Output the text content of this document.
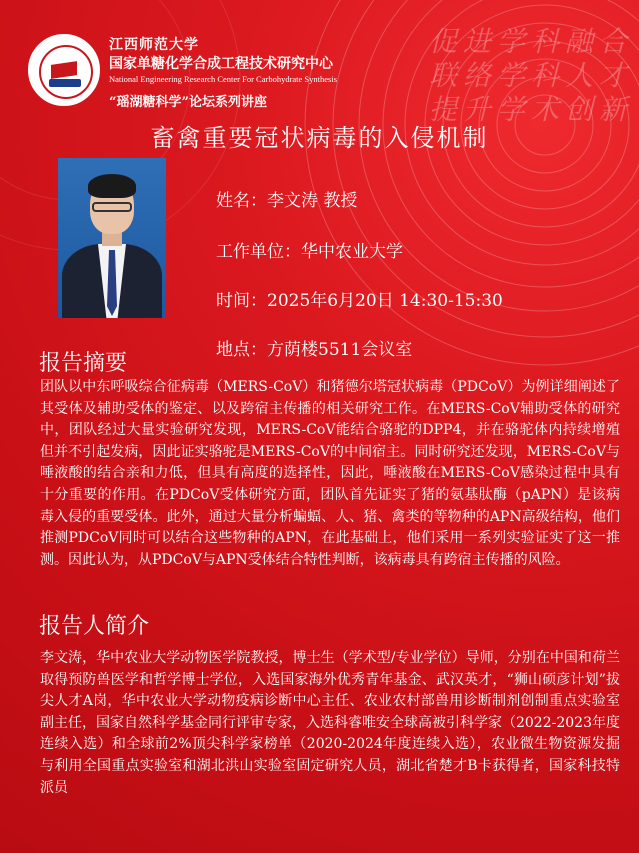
江西师范大学
国家单糖化学合成工程技术研究中心
National Engineering Research Center For Carbohydrate Synthesis
“瑶湖糖科学”论坛系列讲座
促进学科融合
联络学科人才
提升学术创新
畜禽重要冠状病毒的入侵机制
姓名：李文涛 教授
工作单位：华中农业大学
时间：2025年6月20日 14:30-15:30
地点：方荫楼5511会议室
报告摘要
团队以中东呼吸综合征病毒（MERS-CoV）和猪德尔塔冠状病毒（PDCoV）为例详细阐述了其受体及辅助受体的鉴定、以及跨宿主传播的相关研究工作。在MERS-CoV辅助受体的研究中，团队经过大量实验研究发现，MERS-CoV能结合骆驼的DPP4，并在骆驼体内持续增殖但并不引起发病，因此证实骆驼是MERS-CoV的中间宿主。同时研究还发现，MERS-CoV与唾液酸的结合亲和力低，但具有高度的选择性，因此，唾液酸在MERS-CoV感染过程中具有十分重要的作用。在PDCoV受体研究方面，团队首先证实了猪的氨基肽酶（pAPN）是该病毒入侵的重要受体。此外，通过大量分析蝙蝠、人、猪、禽类的等物种的APN高级结构，他们推测PDCoV同时可以结合这些物种的APN，在此基础上，他们采用一系列实验证实了这一推测。因此认为，从PDCoV与APN受体结合特性判断，该病毒具有跨宿主传播的风险。
报告人简介
李文涛，华中农业大学动物医学院教授，博士生（学术型/专业学位）导师，分别在中国和荷兰取得预防兽医学和哲学博士学位，入选国家海外优秀青年基金、武汉英才，“狮山硕彦计划”拔尖人才A岗，华中农业大学动物疫病诊断中心主任、农业农村部兽用诊断制剂创制重点实验室副主任，国家自然科学基金同行评审专家，入选科睿唯安全球高被引科学家（2022-2023年度连续入选）和全球前2%顶尖科学家榜单（2020-2024年度连续入选），农业微生物资源发掘与利用全国重点实验室和湖北洪山实验室固定研究人员，湖北省楚才B卡获得者，国家科技特派员
